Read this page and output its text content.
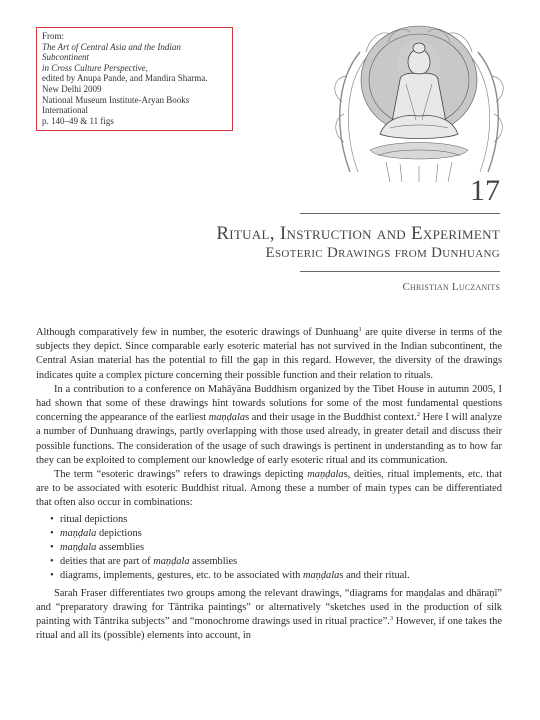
From:
The Art of Central Asia and the Indian Subcontinent
in Cross Culture Perspective,
edited by Anupa Pande, and Mandira Sharma.
New Delhi 2009
National Museum Institute-Aryan Books
International
p. 140–49 & 11 figs
17
Ritual, Instruction and Experiment
Esoteric Drawings from Dunhuang
Christian Luczanits

Although comparatively few in number, the esoteric drawings of Dunhuang$^1$ are quite diverse in terms of the subjects they depict. Since comparable early esoteric material has not survived in the Indian subcontinent, the Central Asian material has the potential to fill the gap in this regard. However, the diversity of the drawings indicates quite a complex picture concerning their possible function and their relation to rituals.

In a contribution to a conference on Mahāyāna Buddhism organized by the Tibet House in autumn 2005, I had shown that some of these drawings hint towards solutions for some of the most fundamental questions concerning the appearance of the earliest maṇḍalas and their usage in the Buddhist context.$^2$ Here I will analyze a number of Dunhuang drawings, partly overlapping with those used already, in greater detail and discuss their possible functions. The consideration of the usage of such drawings is pertinent in understanding as to how far they can be exploited to complement our knowledge of early esoteric ritual and its communication.

The term “esoteric drawings” refers to drawings depicting maṇḍalas, deities, ritual implements, etc. that are to be associated with esoteric Buddhist ritual. Among these a number of main types can be differentiated that often also occur in combinations:

• ritual depictions
• maṇḍala depictions
• maṇḍala assemblies
• deities that are part of maṇḍala assemblies
• diagrams, implements, gestures, etc. to be associated with maṇḍalas and their ritual.

Sarah Fraser differentiates two groups among the relevant drawings, “diagrams for maṇḍalas and dhāraṇī” and “preparatory drawing for Tāntrika paintings” or alternatively “sketches used in the production of silk painting with Tāntrika subjects” and “monochrome drawings used in ritual practice”.$^3$ However, if one takes the ritual and all its (possible) elements into account, in
